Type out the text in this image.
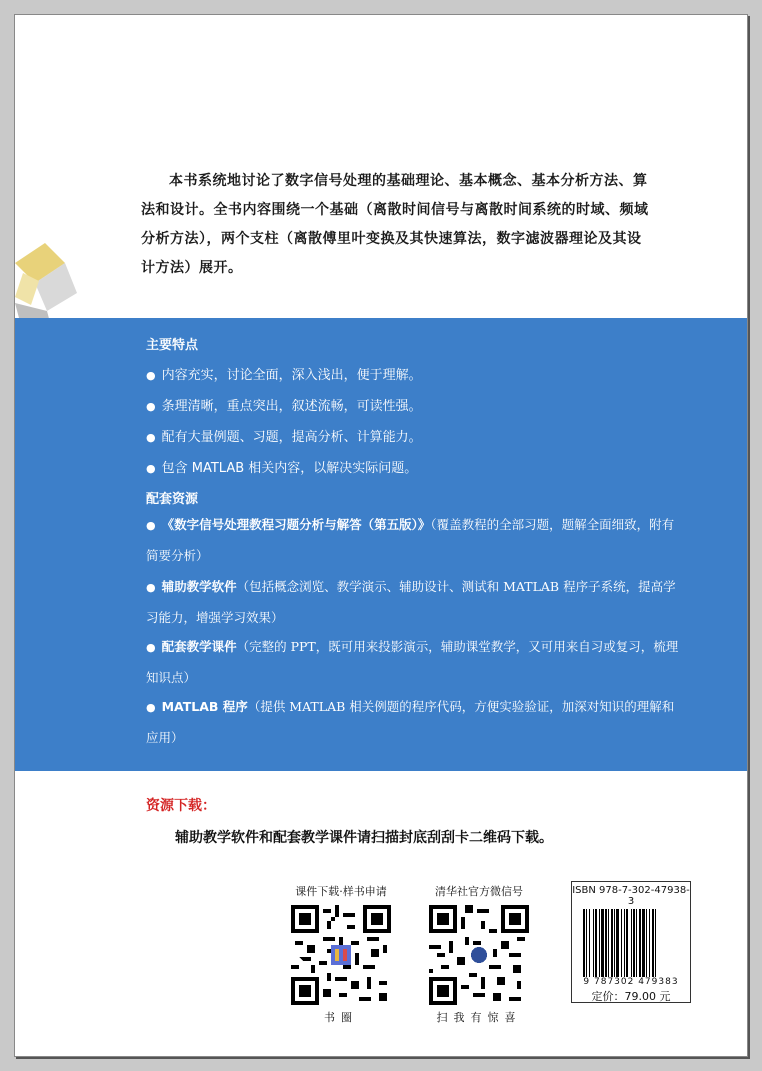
本书系统地讨论了数字信号处理的基础理论、基本概念、基本分析方法、算

法和设计。全书内容围绕一个基础（离散时间信号与离散时间系统的时域、频域
分析方法），两个支柱（离散傅里叶变换及其快速算法，数字滤波器理论及其设
计方法）展开。
主要特点
● 内容充实，讨论全面，深入浅出，便于理解。
● 条理清晰，重点突出，叙述流畅，可读性强。
● 配有大量例题、习题，提高分析、计算能力。
● 包含 MATLAB 相关内容，以解决实际问题。
配套资源
● 《数字信号处理教程习题分析与解答（第五版）》（覆盖教程的全部习题，题解全面细致，附有简要分析）
● 辅助教学软件（包括概念浏览、教学演示、辅助设计、测试和 MATLAB 程序子系统，提高学习能力，增强学习效果）
● 配套教学课件（完整的 PPT，既可用来投影演示，辅助课堂教学，又可用来自习或复习，梳理知识点）
● MATLAB 程序（提供 MATLAB 相关例题的程序代码，方便实验验证，加深对知识的理解和应用）
资源下载：
辅助教学软件和配套教学课件请扫描封底刮刮卡二维码下载。
课件下载·样书申请
书圈
清华社官方微信号
扫我有惊喜
ISBN 978-7-302-47938-3
9 787302 479383
定价：79.00 元
